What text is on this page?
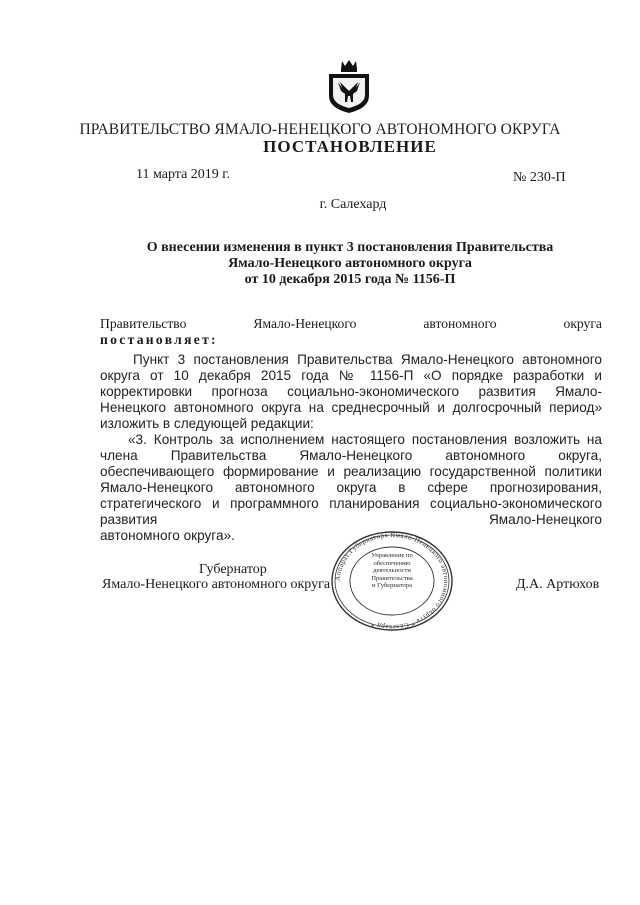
ПРАВИТЕЛЬСТВО ЯМАЛО-НЕНЕЦКОГО АВТОНОМНОГО ОКРУГА
ПОСТАНОВЛЕНИЕ
11 марта 2019 г.	№ 230-П
г. Салехард
О внесении изменения в пункт 3 постановления Правительства
Ямало-Ненецкого автономного округа
от 10 декабря 2015 года № 1156-П
Правительство	Ямало-Ненецкого	автономного	округа
постановляет:

Пункт 3 постановления Правительства Ямало-Ненецкого автономного округа от 10 декабря 2015 года № 1156-П «О порядке разработки и корректировки прогноза социально-экономического развития Ямало-Ненецкого автономного округа на среднесрочный и долгосрочный период» изложить в следующей редакции:

«3. Контроль за исполнением настоящего постановления возложить на члена Правительства Ямало-Ненецкого автономного округа, обеспечивающего формирование и реализацию государственной политики Ямало-Ненецкого автономного округа в сфере прогнозирования, стратегического и программного планирования социально-экономического развития Ямало-Ненецкого

автономного округа».

Губернатор
Ямало-Ненецкого автономного округа	Д.А. Артюхов
Аппарат Губернатора Ямало-Ненецкого автономного округа * Салехард *
Управление по
обеспечению
деятельности
Правительства
и Губернатора
